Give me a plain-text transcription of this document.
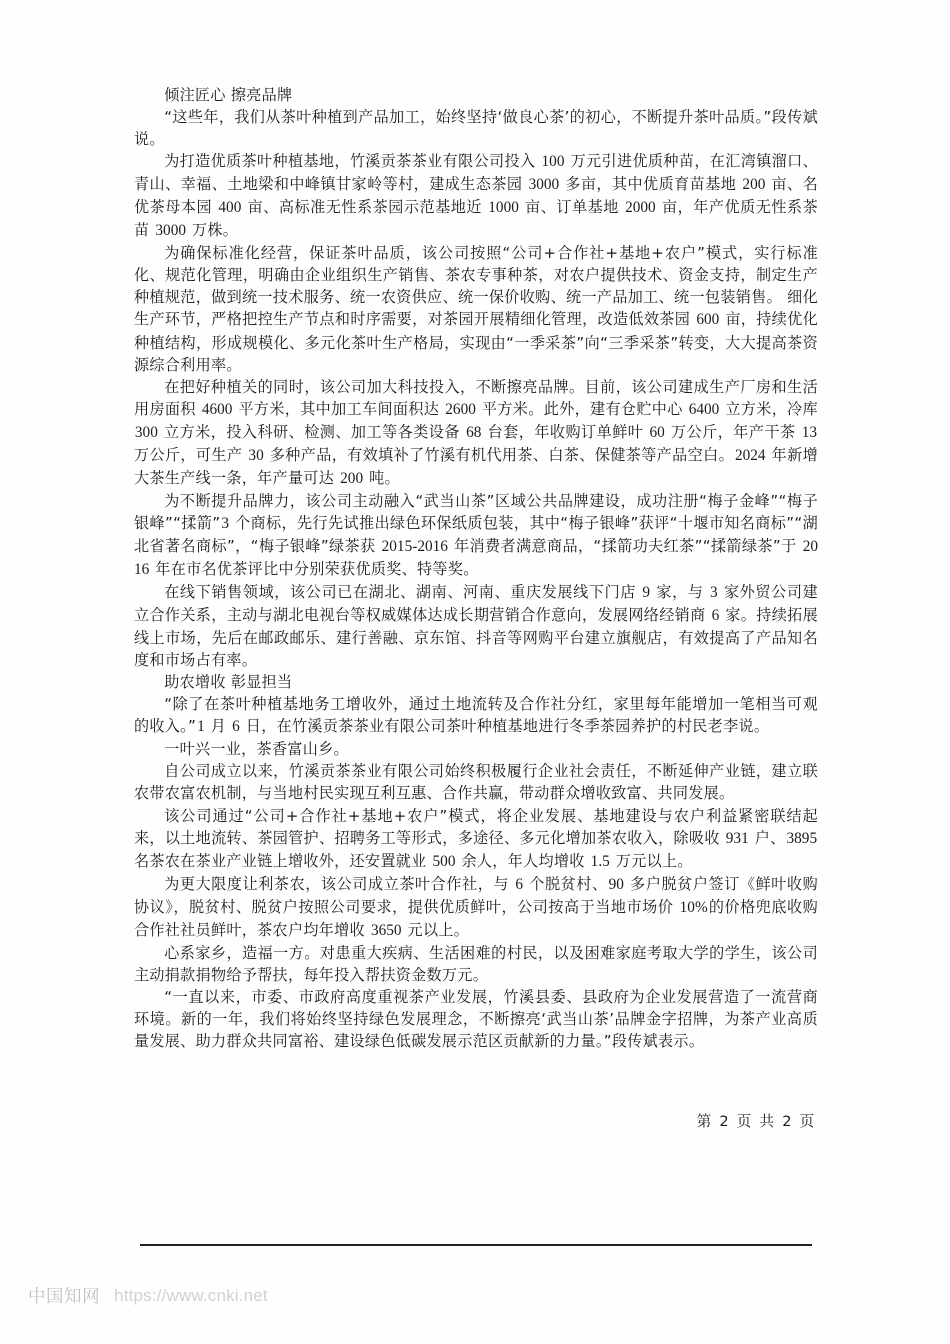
倾注匠心 擦亮品牌

“这些年，我们从茶叶种植到产品加工，始终坚持‘做良心茶’的初心，不断提升茶叶品质。”段传斌说。

为打造优质茶叶种植基地，竹溪贡茶茶业有限公司投入 100 万元引进优质种苗，在汇湾镇溜口、青山、幸福、土地梁和中峰镇甘家岭等村，建成生态茶园 3000 多亩，其中优质育苗基地 200 亩、名优茶母本园 400 亩、高标准无性系茶园示范基地近 1000 亩、订单基地 2000 亩，年产优质无性系茶苗 3000 万株。

为确保标准化经营，保证茶叶品质，该公司按照“公司+合作社+基地+农户”模式，实行标准化、规范化管理，明确由企业组织生产销售、茶农专事种茶，对农户提供技术、资金支持，制定生产种植规范，做到统一技术服务、统一农资供应、统一保价收购、统一产品加工、统一包装销售。 细化生产环节，严格把控生产节点和时序需要，对茶园开展精细化管理，改造低效茶园 600 亩，持续优化种植结构，形成规模化、多元化茶叶生产格局，实现由“一季采茶”向“三季采茶”转变，大大提高茶资源综合利用率。

在把好种植关的同时，该公司加大科技投入，不断擦亮品牌。目前，该公司建成生产厂房和生活用房面积 4600 平方米，其中加工车间面积达 2600 平方米。此外，建有仓贮中心 6400 立方米，冷库 300 立方米，投入科研、检测、加工等各类设备 68 台套，年收购订单鲜叶 60 万公斤，年产干茶 13 万公斤，可生产 30 多种产品，有效填补了竹溪有机代用茶、白茶、保健茶等产品空白。2024 年新增大茶生产线一条，年产量可达 200 吨。

为不断提升品牌力，该公司主动融入“武当山茶”区域公共品牌建设，成功注册“梅子金峰”“梅子银峰”“揉箭”3 个商标，先行先试推出绿色环保纸质包装，其中“梅子银峰”获评“十堰市知名商标”“湖北省著名商标”，“梅子银峰”绿茶获 2015-2016 年消费者满意商品，“揉箭功夫红茶”“揉箭绿茶”于 2016 年在市名优茶评比中分别荣获优质奖、特等奖。

在线下销售领域，该公司已在湖北、湖南、河南、重庆发展线下门店 9 家，与 3 家外贸公司建立合作关系，主动与湖北电视台等权威媒体达成长期营销合作意向，发展网络经销商 6 家。持续拓展线上市场，先后在邮政邮乐、建行善融、京东馆、抖音等网购平台建立旗舰店，有效提高了产品知名度和市场占有率。

助农增收 彰显担当

“除了在茶叶种植基地务工增收外，通过土地流转及合作社分红，家里每年能增加一笔相当可观的收入。”1 月 6 日，在竹溪贡茶茶业有限公司茶叶种植基地进行冬季茶园养护的村民老李说。

一叶兴一业，茶香富山乡。

自公司成立以来，竹溪贡茶茶业有限公司始终积极履行企业社会责任，不断延伸产业链，建立联农带农富农机制，与当地村民实现互利互惠、合作共赢，带动群众增收致富、共同发展。

该公司通过“公司+合作社+基地+农户”模式，将企业发展、基地建设与农户利益紧密联结起来，以土地流转、茶园管护、招聘务工等形式，多途径、多元化增加茶农收入，除吸收 931 户、3895 名茶农在茶业产业链上增收外，还安置就业 500 余人，年人均增收 1.5 万元以上。

为更大限度让利茶农，该公司成立茶叶合作社，与 6 个脱贫村、90 多户脱贫户签订《鲜叶收购协议》，脱贫村、脱贫户按照公司要求，提供优质鲜叶，公司按高于当地市场价 10%的价格兜底收购合作社社员鲜叶，茶农户均年增收 3650 元以上。

心系家乡，造福一方。对患重大疾病、生活困难的村民，以及困难家庭考取大学的学生，该公司主动捐款捐物给予帮扶，每年投入帮扶资金数万元。

“一直以来，市委、市政府高度重视茶产业发展，竹溪县委、县政府为企业发展营造了一流营商环境。新的一年，我们将始终坚持绿色发展理念，不断擦亮‘武当山茶’品牌金字招牌，为茶产业高质量发展、助力群众共同富裕、建设绿色低碳发展示范区贡献新的力量。”段传斌表示。

第 2 页 共 2 页
中国知网 https://www.cnki.net
